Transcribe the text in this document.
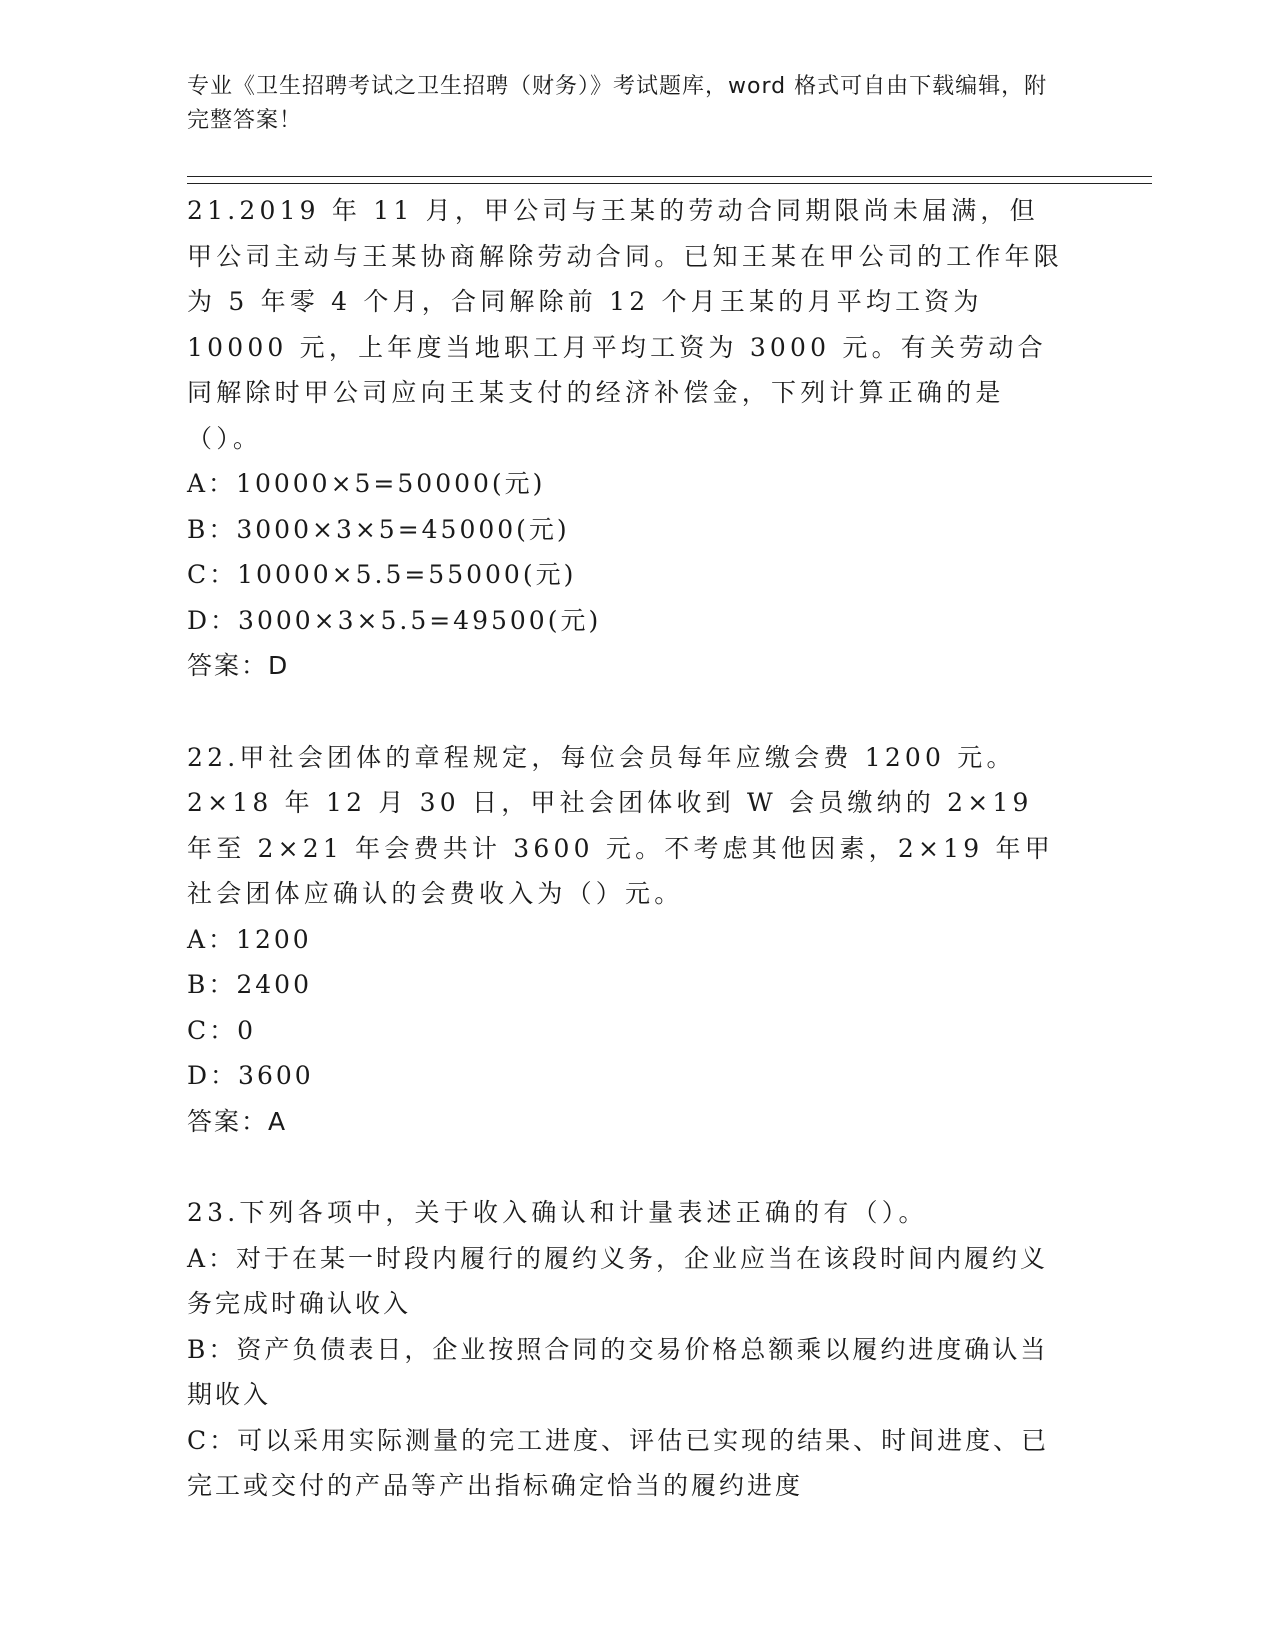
专业《卫生招聘考试之卫生招聘（财务）》考试题库，word 格式可自由下载编辑，附完整答案！

21.2019 年 11 月，甲公司与王某的劳动合同期限尚未届满，但甲公司主动与王某协商解除劳动合同。已知王某在甲公司的工作年限为 5 年零 4 个月，合同解除前 12 个月王某的月平均工资为 10000 元，上年度当地职工月平均工资为 3000 元。有关劳动合同解除时甲公司应向王某支付的经济补偿金，下列计算正确的是（）。

A：10000×5=50000(元)

B：3000×3×5=45000(元)

C：10000×5.5=55000(元)

D：3000×3×5.5=49500(元)

答案：D

22.甲社会团体的章程规定，每位会员每年应缴会费 1200 元。2×18 年 12 月 30 日，甲社会团体收到 W 会员缴纳的 2×19 年至 2×21 年会费共计 3600 元。不考虑其他因素，2×19 年甲社会团体应确认的会费收入为（）元。

A：1200

B：2400

C：0

D：3600

答案：A

23.下列各项中，关于收入确认和计量表述正确的有（）。

A：对于在某一时段内履行的履约义务，企业应当在该段时间内履约义务完成时确认收入

B：资产负债表日，企业按照合同的交易价格总额乘以履约进度确认当期收入

C：可以采用实际测量的完工进度、评估已实现的结果、时间进度、已完工或交付的产品等产出指标确定恰当的履约进度
